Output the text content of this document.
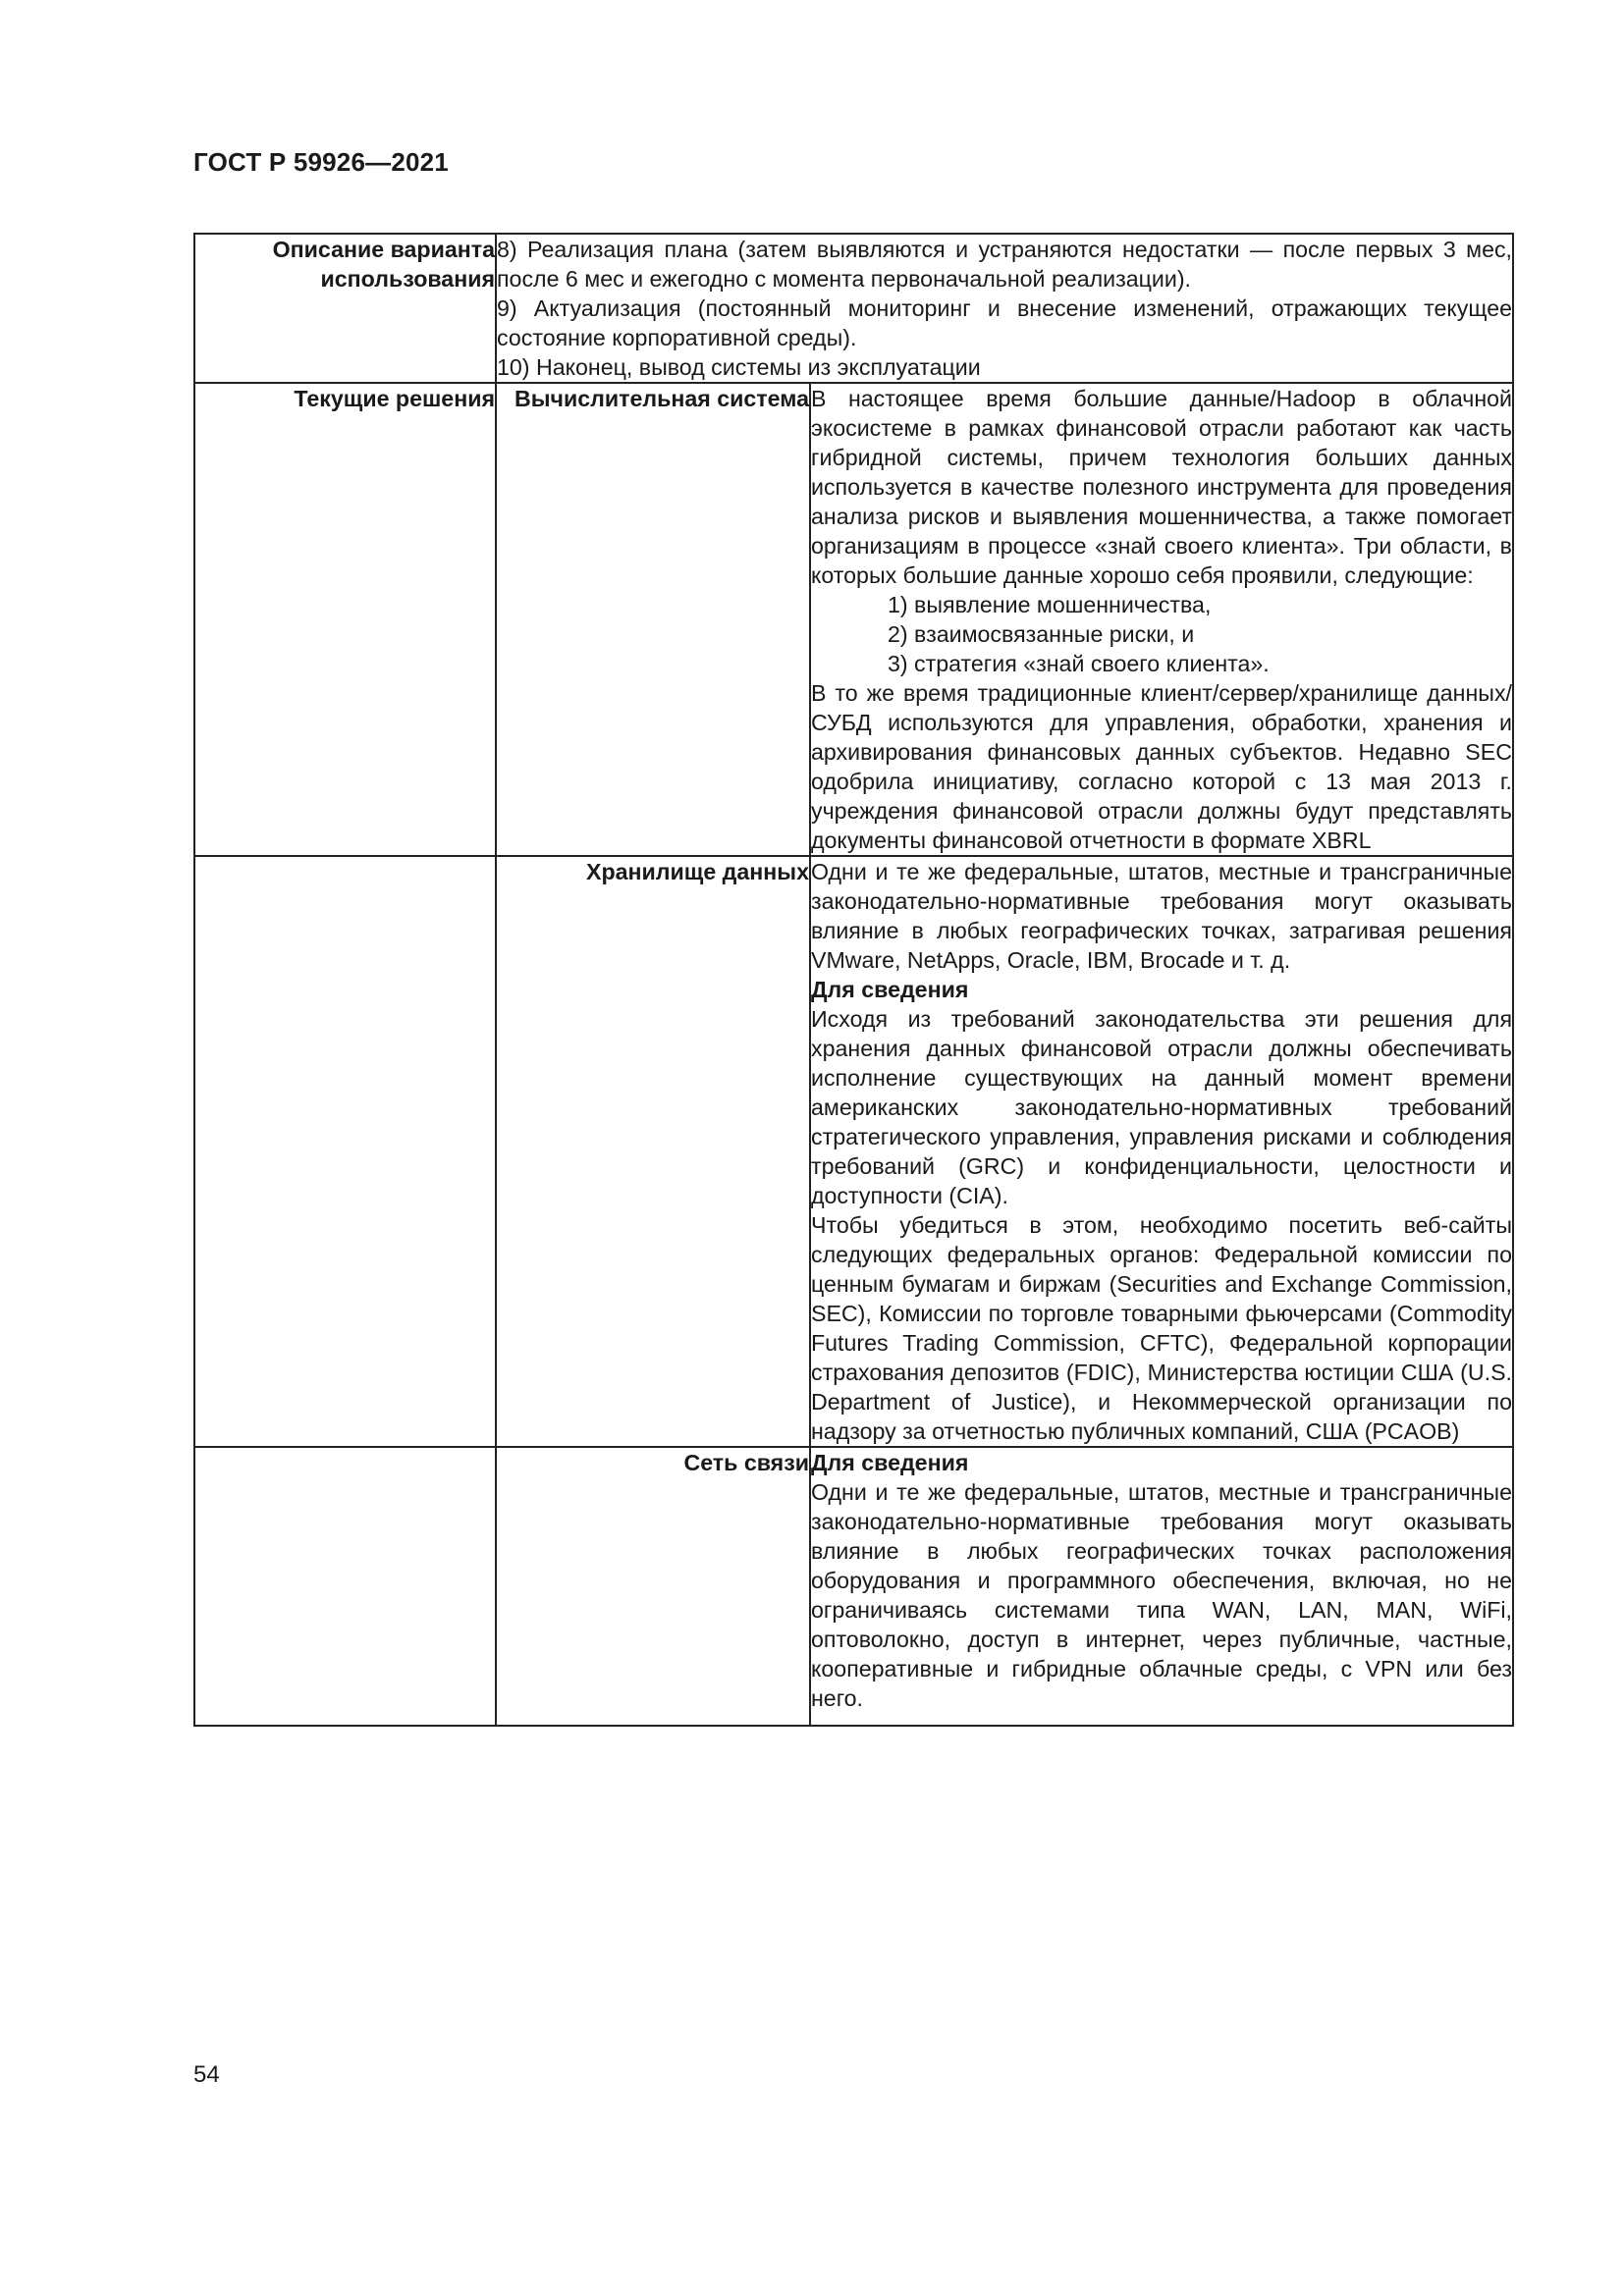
ГОСТ Р 59926—2021
Описание варианта использования	8) Реализация плана (затем выявляются и устраняются недостатки — после первых 3 мес, после 6 мес и ежегодно с момента первоначальной реализации).
9) Актуализация (постоянный мониторинг и внесение изменений, отражающих текущее состояние корпоративной среды).
10) Наконец, вывод системы из эксплуатации	

Текущие решения	Вычислительная система	В настоящее время большие данные/Hadoop в облачной экосистеме в рамках финансовой отрасли работают как часть гибридной системы, причем технология больших данных используется в качестве полезного инструмента для проведения анализа рисков и выявления мошенничества, а также помогает организациям в процессе «знай своего клиента». Три области, в которых большие данные хорошо себя проявили, следующие:
1) выявление мошенничества,
2) взаимосвязанные риски, и
3) стратегия «знай своего клиента».
В то же время традиционные клиент/сервер/хранилище данных/СУБД используются для управления, обработки, хранения и архивирования финансовых данных субъектов. Недавно SEC одобрила инициативу, согласно которой с 13 мая 2013 г. учреждения финансовой отрасли должны будут представлять документы финансовой отчетности в формате XBRL

	Хранилище данных	Одни и те же федеральные, штатов, местные и трансграничные законодательно-нормативные требования могут оказывать влияние в любых географических точках, затрагивая решения VMware, NetApps, Oracle, IBM, Brocade и т. д.
Для сведения
Исходя из требований законодательства эти решения для хранения данных финансовой отрасли должны обеспечивать исполнение существующих на данный момент времени американских законодательно-нормативных требований стратегического управления, управления рисками и соблюдения требований (GRC) и конфиденциальности, целостности и доступности (CIA).
Чтобы убедиться в этом, необходимо посетить веб-сайты следующих федеральных органов: Федеральной комиссии по ценным бумагам и биржам (Securities and Exchange Commission, SEC), Комиссии по торговле товарными фьючерсами (Commodity Futures Trading Commission, CFTC), Федеральной корпорации страхования депозитов (FDIC), Министерства юстиции США (U.S. Department of Justice), и Некоммерческой организации по надзору за отчетностью публичных компаний, США (PCAOB)

	Сеть связи	Для сведения
Одни и те же федеральные, штатов, местные и трансграничные законодательно-нормативные требования могут оказывать влияние в любых географических точках расположения оборудования и программного обеспечения, включая, но не ограничиваясь системами типа WAN, LAN, MAN, WiFi, оптоволокно, доступ в интернет, через публичные, частные, кооперативные и гибридные облачные среды, с VPN или без него.
54
